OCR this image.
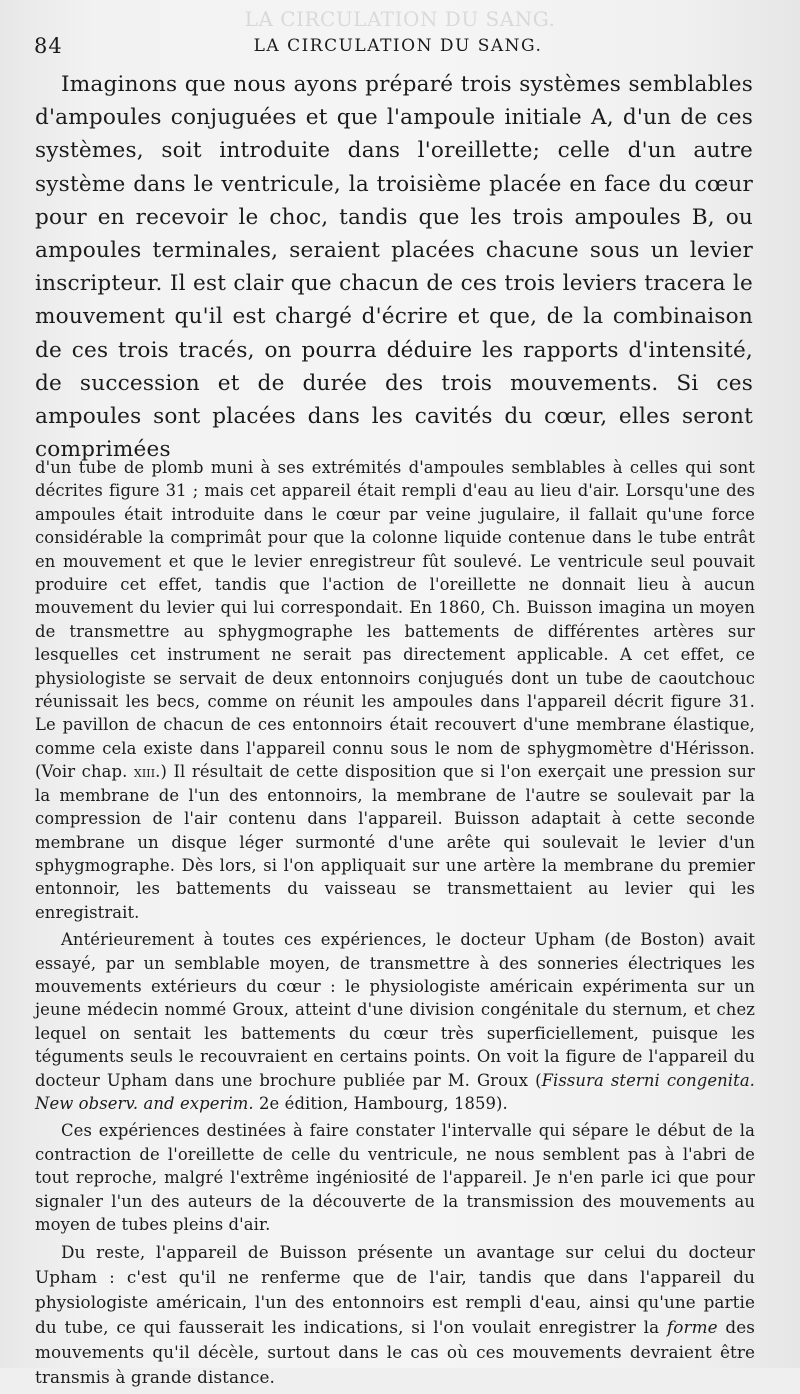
LA CIRCULATION DU SANG.
84	LA CIRCULATION DU SANG.

Imaginons que nous ayons préparé trois systèmes semblables d'ampoules conjuguées et que l'ampoule initiale A, d'un de ces systèmes, soit introduite dans l'oreillette; celle d'un autre système dans le ventricule, la troisième placée en face du cœur pour en recevoir le choc, tandis que les trois ampoules B, ou ampoules terminales, seraient placées chacune sous un levier inscripteur. Il est clair que chacun de ces trois leviers tracera le mouvement qu'il est chargé d'écrire et que, de la combinaison de ces trois tracés, on pourra déduire les rapports d'intensité, de succession et de durée des trois mouvements. Si ces ampoules sont placées dans les cavités du cœur, elles seront comprimées

d'un tube de plomb muni à ses extrémités d'ampoules semblables à celles qui sont décrites figure 31 ; mais cet appareil était rempli d'eau au lieu d'air. Lorsqu'une des ampoules était introduite dans le cœur par veine jugulaire, il fallait qu'une force considérable la comprimât pour que la colonne liquide contenue dans le tube entrât en mouvement et que le levier enregistreur fût soulevé. Le ventricule seul pouvait produire cet effet, tandis que l'action de l'oreillette ne donnait lieu à aucun mouvement du levier qui lui correspondait. En 1860, Ch. Buisson imagina un moyen de transmettre au sphygmographe les battements de différentes artères sur lesquelles cet instrument ne serait pas directement applicable. A cet effet, ce physiologiste se servait de deux entonnoirs conjugués dont un tube de caoutchouc réunissait les becs, comme on réunit les ampoules dans l'appareil décrit figure 31. Le pavillon de chacun de ces entonnoirs était recouvert d'une membrane élastique, comme cela existe dans l'appareil connu sous le nom de sphygmomètre d'Hérisson. (Voir chap. xiii.) Il résultait de cette disposition que si l'on exerçait une pression sur la membrane de l'un des entonnoirs, la membrane de l'autre se soulevait par la compression de l'air contenu dans l'appareil. Buisson adaptait à cette seconde membrane un disque léger surmonté d'une arête qui soulevait le levier d'un sphygmographe. Dès lors, si l'on appliquait sur une artère la membrane du premier entonnoir, les battements du vaisseau se transmettaient au levier qui les enregistrait.

Antérieurement à toutes ces expériences, le docteur Upham (de Boston) avait essayé, par un semblable moyen, de transmettre à des sonneries électriques les mouvements extérieurs du cœur : le physiologiste américain expérimenta sur un jeune médecin nommé Groux, atteint d'une division congénitale du sternum, et chez lequel on sentait les battements du cœur très superficiellement, puisque les téguments seuls le recouvraient en certains points. On voit la figure de l'appareil du docteur Upham dans une brochure publiée par M. Groux (Fissura sterni congenita. New observ. and experim. 2e édition, Hambourg, 1859).

Ces expériences destinées à faire constater l'intervalle qui sépare le début de la contraction de l'oreillette de celle du ventricule, ne nous semblent pas à l'abri de tout reproche, malgré l'extrême ingéniosité de l'appareil. Je n'en parle ici que pour signaler l'un des auteurs de la découverte de la transmission des mouvements au moyen de tubes pleins d'air.

Du reste, l'appareil de Buisson présente un avantage sur celui du docteur Upham : c'est qu'il ne renferme que de l'air, tandis que dans l'appareil du physiologiste américain, l'un des entonnoirs est rempli d'eau, ainsi qu'une partie du tube, ce qui fausserait les indications, si l'on voulait enregistrer la forme des mouvements qu'il décèle, surtout dans le cas où ces mouvements devraient être transmis à grande distance.
